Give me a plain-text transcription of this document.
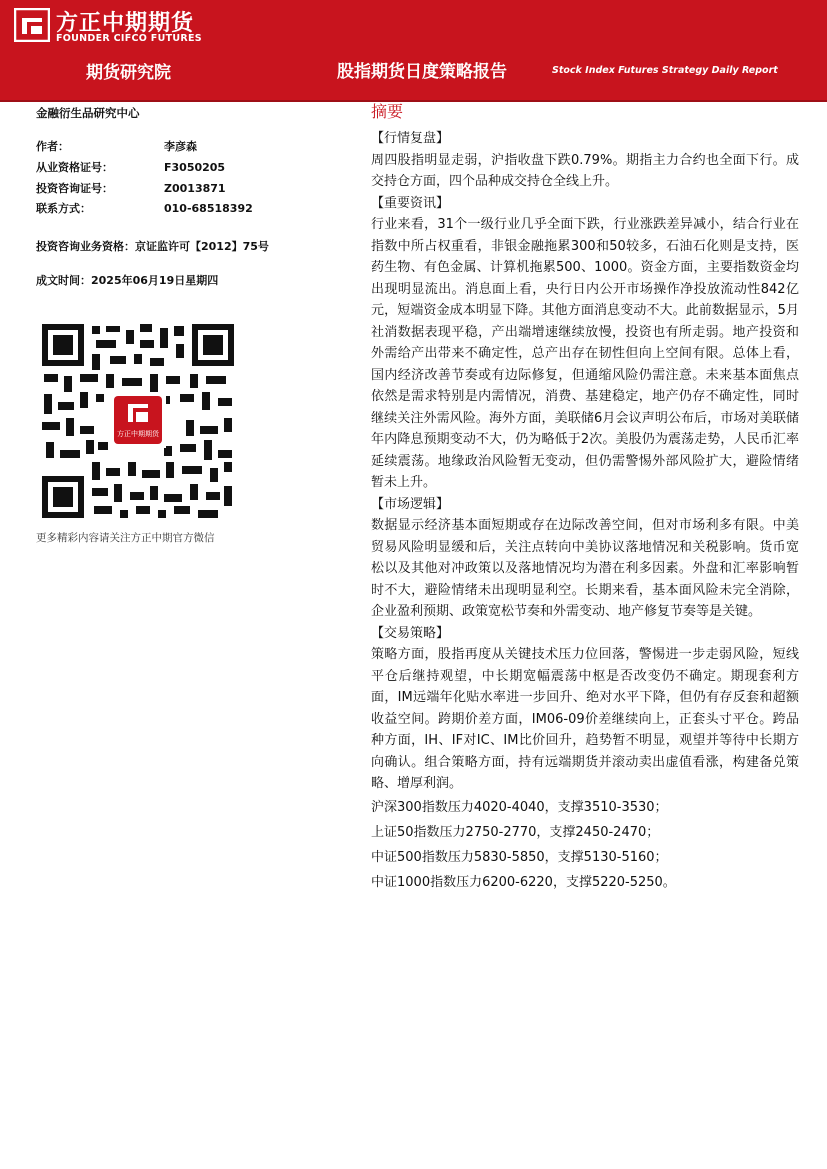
方正中期期货
FOUNDER CIFCO FUTURES
期货研究院	股指期货日度策略报告	Stock Index Futures Strategy Daily Report
金融衍生品研究中心
作者：	李彦森
从业资格证号：	F3050205
投资咨询证号：	Z0013871
联系方式：	010-68518392
投资咨询业务资格：京证监许可【2012】75号
成文时间：2025年06月19日星期四
方正中期期货
更多精彩内容请关注方正中期官方微信
摘要
【行情复盘】
周四股指明显走弱，沪指收盘下跌0.79%。期指主力合约也全面下行。成交持仓方面，四个品种成交持仓全线上升。
【重要资讯】
行业来看，31个一级行业几乎全面下跌，行业涨跌差异减小，结合行业在指数中所占权重看，非银金融拖累300和50较多，石油石化则是支持，医药生物、有色金属、计算机拖累500、1000。资金方面，主要指数资金均出现明显流出。消息面上看，央行日内公开市场操作净投放流动性842亿元，短端资金成本明显下降。其他方面消息变动不大。此前数据显示，5月社消数据表现平稳，产出端增速继续放慢，投资也有所走弱。地产投资和外需给产出带来不确定性，总产出存在韧性但向上空间有限。总体上看，国内经济改善节奏或有边际修复，但通缩风险仍需注意。未来基本面焦点依然是需求特别是内需情况，消费、基建稳定，地产仍存不确定性，同时继续关注外需风险。海外方面，美联储6月会议声明公布后，市场对美联储年内降息预期变动不大，仍为略低于2次。美股仍为震荡走势，人民币汇率延续震荡。地缘政治风险暂无变动，但仍需警惕外部风险扩大，避险情绪暂未上升。
【市场逻辑】
数据显示经济基本面短期或存在边际改善空间，但对市场利多有限。中美贸易风险明显缓和后，关注点转向中美协议落地情况和关税影响。货币宽松以及其他对冲政策以及落地情况均为潜在利多因素。外盘和汇率影响暂时不大，避险情绪未出现明显利空。长期来看，基本面风险未完全消除，企业盈利预期、政策宽松节奏和外需变动、地产修复节奏等是关键。
【交易策略】
策略方面，股指再度从关键技术压力位回落，警惕进一步走弱风险，短线平仓后继持观望，中长期宽幅震荡中枢是否改变仍不确定。期现套利方面，IM远端年化贴水率进一步回升、绝对水平下降，但仍有存反套和超额收益空间。跨期价差方面，IM06-09价差继续向上，正套头寸平仓。跨品种方面，IH、IF对IC、IM比价回升，趋势暂不明显，观望并等待中长期方向确认。组合策略方面，持有远端期货并滚动卖出虚值看涨，构建备兑策略、增厚利润。
沪深300指数压力4020-4040，支撑3510-3530；
上证50指数压力2750-2770，支撑2450-2470；
中证500指数压力5830-5850，支撑5130-5160；
中证1000指数压力6200-6220，支撑5220-5250。
